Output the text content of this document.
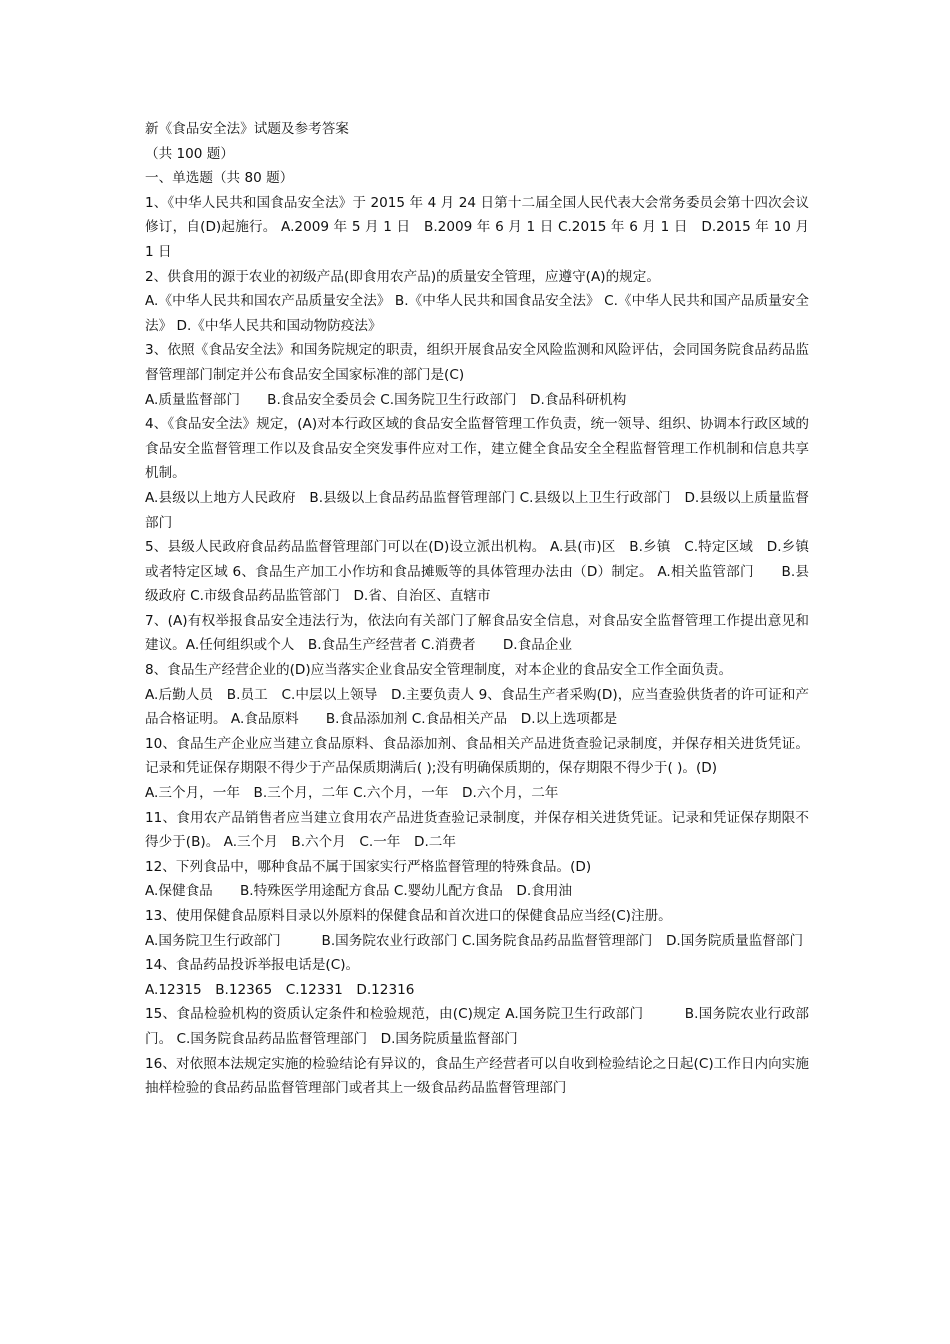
新《食品安全法》试题及参考答案

（共 100 题）

一、单选题（共 80 题）

1、《中华人民共和国食品安全法》于 2015 年 4 月 24 日第十二届全国人民代表大会常务委员会第十四次会议修订，自(D)起施行。 A.2009 年 5 月 1 日　B.2009 年 6 月 1 日 C.2015 年 6 月 1 日　D.2015 年 10 月 1 日

2、供食用的源于农业的初级产品(即食用农产品)的质量安全管理，应遵守(A)的规定。

A.《中华人民共和国农产品质量安全法》 B.《中华人民共和国食品安全法》 C.《中华人民共和国产品质量安全法》 D.《中华人民共和国动物防疫法》

3、依照《食品安全法》和国务院规定的职责，组织开展食品安全风险监测和风险评估，会同国务院食品药品监督管理部门制定并公布食品安全国家标准的部门是(C)

A.质量监督部门　　B.食品安全委员会 C.国务院卫生行政部门　D.食品科研机构

4、《食品安全法》规定，(A)对本行政区域的食品安全监督管理工作负责，统一领导、组织、协调本行政区域的食品安全监督管理工作以及食品安全突发事件应对工作，建立健全食品安全全程监督管理工作机制和信息共享机制。

A.县级以上地方人民政府　B.县级以上食品药品监督管理部门 C.县级以上卫生行政部门　D.县级以上质量监督部门

5、县级人民政府食品药品监督管理部门可以在(D)设立派出机构。 A.县(市)区　B.乡镇　C.特定区域　D.乡镇或者特定区域 6、食品生产加工小作坊和食品摊贩等的具体管理办法由（D）制定。 A.相关监管部门　　B.县级政府 C.市级食品药品监管部门　D.省、自治区、直辖市

7、(A)有权举报食品安全违法行为，依法向有关部门了解食品安全信息，对食品安全监督管理工作提出意见和建议。A.任何组织或个人　B.食品生产经营者 C.消费者　　D.食品企业

8、食品生产经营企业的(D)应当落实企业食品安全管理制度，对本企业的食品安全工作全面负责。

A.后勤人员　B.员工　C.中层以上领导　D.主要负责人 9、食品生产者采购(D)，应当查验供货者的许可证和产品合格证明。 A.食品原料　　B.食品添加剂 C.食品相关产品　D.以上选项都是

10、食品生产企业应当建立食品原料、食品添加剂、食品相关产品进货查验记录制度，并保存相关进货凭证。 记录和凭证保存期限不得少于产品保质期满后( );没有明确保质期的，保存期限不得少于( )。(D)

A.三个月，一年　B.三个月，二年 C.六个月，一年　D.六个月，二年

11、食用农产品销售者应当建立食用农产品进货查验记录制度，并保存相关进货凭证。记录和凭证保存期限不得少于(B)。 A.三个月　B.六个月　C.一年　D.二年

12、下列食品中，哪种食品不属于国家实行严格监督管理的特殊食品。(D)

A.保健食品　　B.特殊医学用途配方食品 C.婴幼儿配方食品　D.食用油

13、使用保健食品原料目录以外原料的保健食品和首次进口的保健食品应当经(C)注册。

A.国务院卫生行政部门　　　B.国务院农业行政部门 C.国务院食品药品监督管理部门　D.国务院质量监督部门

14、食品药品投诉举报电话是(C)。

A.12315　B.12365　C.12331　D.12316

15、食品检验机构的资质认定条件和检验规范，由(C)规定 A.国务院卫生行政部门　　　B.国务院农业行政部门。 C.国务院食品药品监督管理部门　D.国务院质量监督部门

16、对依照本法规定实施的检验结论有异议的，食品生产经营者可以自收到检验结论之日起(C)工作日内向实施抽样检验的食品药品监督管理部门或者其上一级食品药品监督管理部门
